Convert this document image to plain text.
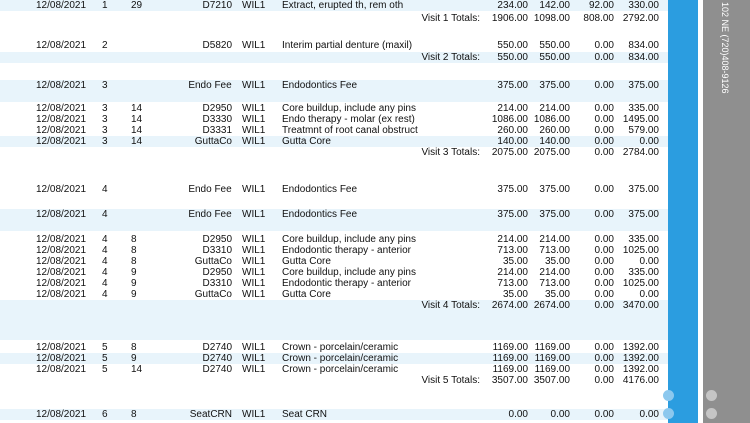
12/08/2021 1 29	D7210 WIL1 Extract, erupted th, rem oth	234.00	142.00	92.00	330.00
Visit 1 Totals:	1906.00 1098.00	808.00 2792.00
12/08/2021 2	D5820 WIL1 Interim partial denture (maxil)	550.00	550.00	0.00	834.00
Visit 2 Totals:	550.00	550.00	0.00	834.00
12/08/2021 3	Endo Fee WIL1 Endodontics Fee	375.00	375.00	0.00	375.00
12/08/2021 3 14	D2950 WIL1 Core buildup, include any pins	214.00	214.00	0.00	335.00
12/08/2021 3 14	D3330 WIL1 Endo therapy - molar (ex rest)	1086.00 1086.00	0.00 1495.00
12/08/2021 3 14	D3331 WIL1 Treatmnt of root canal obstruct	260.00	260.00	0.00	579.00
12/08/2021 3 14	GuttaCo WIL1 Gutta Core	140.00	140.00	0.00	0.00
Visit 3 Totals:	2075.00 2075.00	0.00 2784.00
12/08/2021 4	Endo Fee WIL1 Endodontics Fee	375.00	375.00	0.00	375.00
12/08/2021 4	Endo Fee WIL1 Endodontics Fee	375.00	375.00	0.00	375.00
12/08/2021 4 8	D2950 WIL1 Core buildup, include any pins	214.00	214.00	0.00	335.00
12/08/2021 4 8	D3310 WIL1 Endodontic therapy - anterior	713.00	713.00	0.00 1025.00
12/08/2021 4 8	GuttaCo WIL1 Gutta Core	35.00	35.00	0.00	0.00
12/08/2021 4 9	D2950 WIL1 Core buildup, include any pins	214.00	214.00	0.00	335.00
12/08/2021 4 9	D3310 WIL1 Endodontic therapy - anterior	713.00	713.00	0.00 1025.00
12/08/2021 4 9	GuttaCo WIL1 Gutta Core	35.00	35.00	0.00	0.00
Visit 4 Totals:	2674.00 2674.00	0.00 3470.00
12/08/2021 5 8	D2740 WIL1 Crown - porcelain/ceramic	1169.00 1169.00	0.00 1392.00
12/08/2021 5 9	D2740 WIL1 Crown - porcelain/ceramic	1169.00 1169.00	0.00 1392.00
12/08/2021 5 14	D2740 WIL1 Crown - porcelain/ceramic	1169.00 1169.00	0.00 1392.00
Visit 5 Totals:	3507.00 3507.00	0.00 4176.00
12/08/2021 6 8	SeatCRN WIL1 Seat CRN	0.00	0.00	0.00	0.00
102 NE (720)408-9126
